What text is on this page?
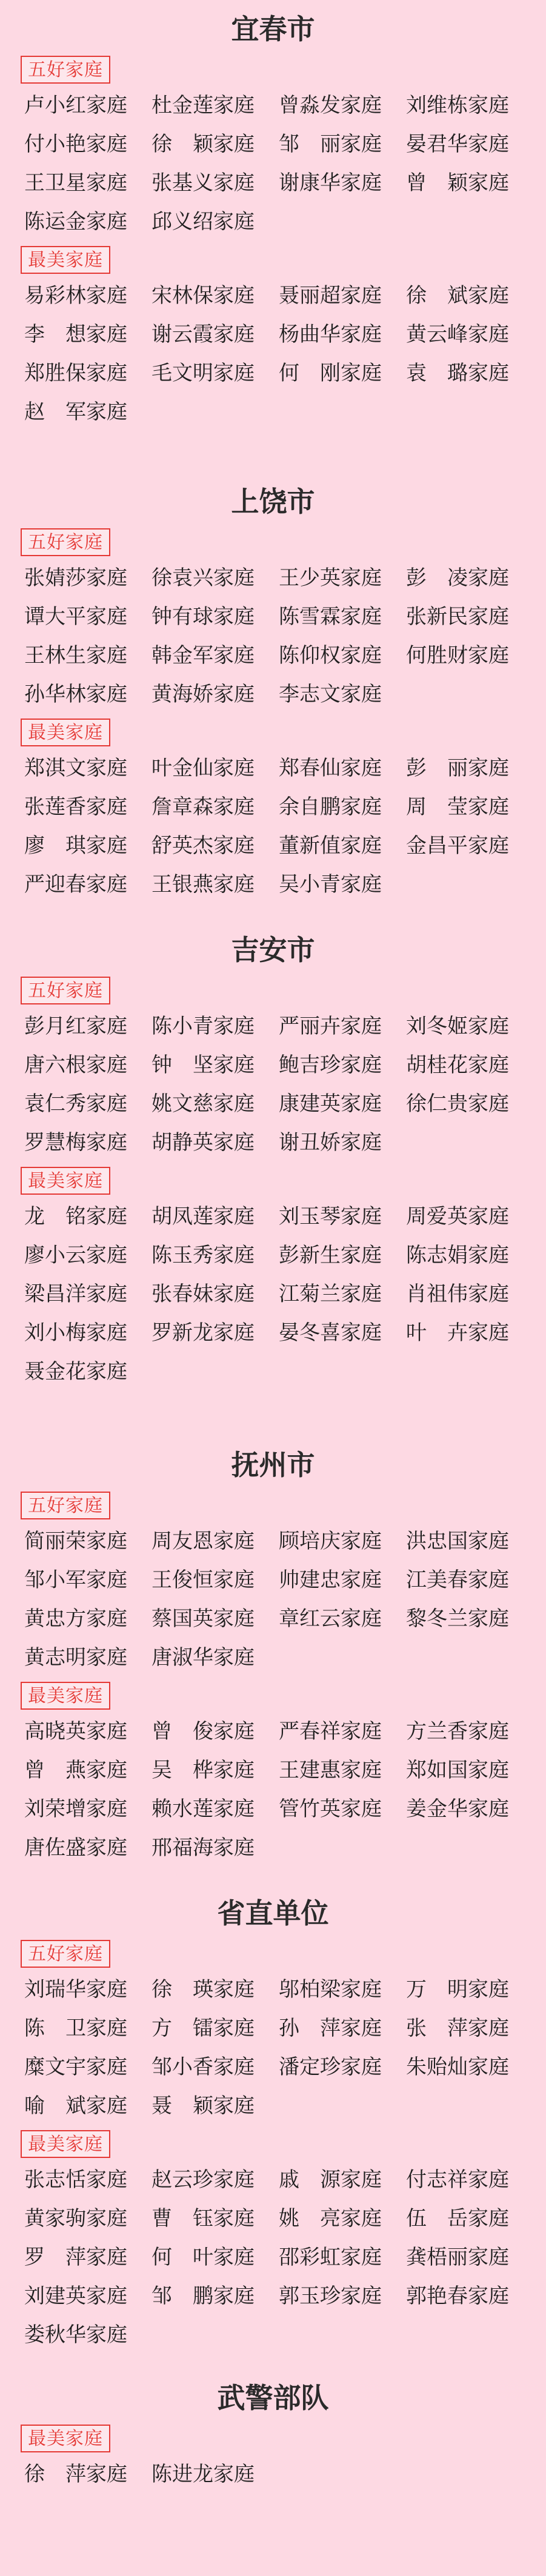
宜春市
五好家庭
卢小红家庭	杜金莲家庭	曾淼发家庭	刘维栋家庭
付小艳家庭	徐　颖家庭	邹　丽家庭	晏君华家庭
王卫星家庭	张基义家庭	谢康华家庭	曾　颖家庭
陈运金家庭	邱义绍家庭
最美家庭
易彩林家庭	宋林保家庭	聂丽超家庭	徐　斌家庭
李　想家庭	谢云霞家庭	杨曲华家庭	黄云峰家庭
郑胜保家庭	毛文明家庭	何　刚家庭	袁　璐家庭
赵　军家庭
上饶市
五好家庭
张婧莎家庭	徐袁兴家庭	王少英家庭	彭　凌家庭
谭大平家庭	钟有球家庭	陈雪霖家庭	张新民家庭
王林生家庭	韩金军家庭	陈仰权家庭	何胜财家庭
孙华林家庭	黄海娇家庭	李志文家庭
最美家庭
郑淇文家庭	叶金仙家庭	郑春仙家庭	彭　丽家庭
张莲香家庭	詹章森家庭	余自鹏家庭	周　莹家庭
廖　琪家庭	舒英杰家庭	董新值家庭	金昌平家庭
严迎春家庭	王银燕家庭	吴小青家庭
吉安市
五好家庭
彭月红家庭	陈小青家庭	严丽卉家庭	刘冬姬家庭
唐六根家庭	钟　坚家庭	鲍吉珍家庭	胡桂花家庭
袁仁秀家庭	姚文慈家庭	康建英家庭	徐仁贵家庭
罗慧梅家庭	胡静英家庭	谢丑娇家庭
最美家庭
龙　铭家庭	胡凤莲家庭	刘玉琴家庭	周爱英家庭
廖小云家庭	陈玉秀家庭	彭新生家庭	陈志娟家庭
梁昌洋家庭	张春妹家庭	江菊兰家庭	肖祖伟家庭
刘小梅家庭	罗新龙家庭	晏冬喜家庭	叶　卉家庭
聂金花家庭
抚州市
五好家庭
简丽荣家庭	周友恩家庭	顾培庆家庭	洪忠国家庭
邹小军家庭	王俊恒家庭	帅建忠家庭	江美春家庭
黄忠方家庭	蔡国英家庭	章红云家庭	黎冬兰家庭
黄志明家庭	唐淑华家庭
最美家庭
高晓英家庭	曾　俊家庭	严春祥家庭	方兰香家庭
曾　燕家庭	吴　桦家庭	王建惠家庭	郑如国家庭
刘荣增家庭	赖水莲家庭	管竹英家庭	姜金华家庭
唐佐盛家庭	邢福海家庭
省直单位
五好家庭
刘瑞华家庭	徐　瑛家庭	邬柏梁家庭	万　明家庭
陈　卫家庭	方　镭家庭	孙　萍家庭	张　萍家庭
糜文宇家庭	邹小香家庭	潘定珍家庭	朱贻灿家庭
喻　斌家庭	聂　颖家庭
最美家庭
张志恬家庭	赵云珍家庭	戚　源家庭	付志祥家庭
黄家驹家庭	曹　钰家庭	姚　亮家庭	伍　岳家庭
罗　萍家庭	何　叶家庭	邵彩虹家庭	龚梧丽家庭
刘建英家庭	邹　鹏家庭	郭玉珍家庭	郭艳春家庭
娄秋华家庭
武警部队
最美家庭
徐　萍家庭	陈进龙家庭
